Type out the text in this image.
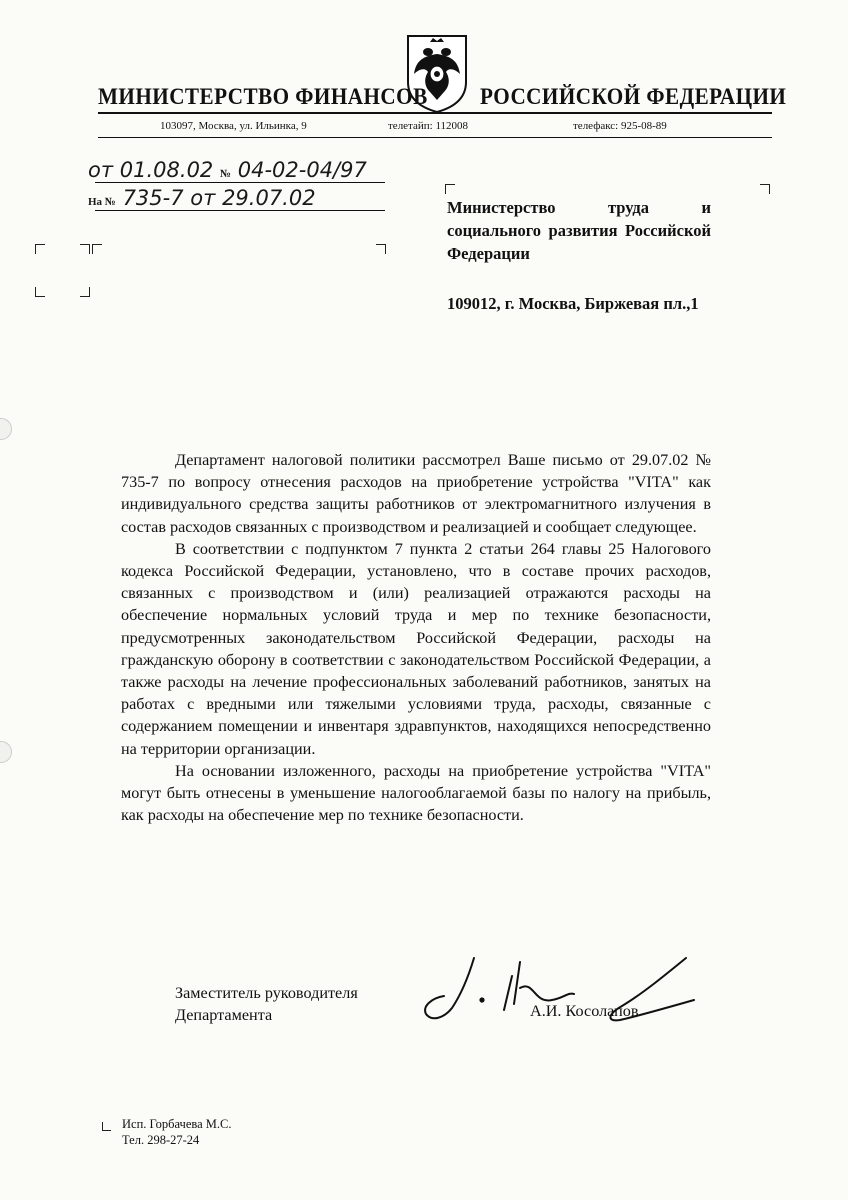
МИНИСТЕРСТВО ФИНАНСОВ РОССИЙСКОЙ ФЕДЕРАЦИИ
103097, Москва, ул. Ильинка, 9	телетайп: 112008	телефакс: 925-08-89
от 01.08.02 № 04-02-04/97
На № 735-7 от 29.07.02	Министерство труда и социального развития Российской Федерации
109012, г. Москва, Биржевая пл.,1

Департамент налоговой политики рассмотрел Ваше письмо от 29.07.02 № 735-7 по вопросу отнесения расходов на приобретение устройства "VITA" как индивидуального средства защиты работников от электромагнитного излучения в состав расходов связанных с производством и реализацией и сообщает следующее.

В соответствии с подпунктом 7 пункта 2 статьи 264 главы 25 Налогового кодекса Российской Федерации, установлено, что в составе прочих расходов, связанных с производством и (или) реализацией отражаются расходы на обеспечение нормальных условий труда и мер по технике безопасности, предусмотренных законодательством Российской Федерации, расходы на гражданскую оборону в соответствии с законодательством Российской Федерации, а также расходы на лечение профессиональных заболеваний работников, занятых на работах с вредными или тяжелыми условиями труда, расходы, связанные с содержанием помещении и инвентаря здравпунктов, находящихся непосредственно на территории организации.

На основании изложенного, расходы на приобретение устройства "VITA" могут быть отнесены в уменьшение налогооблагаемой базы по налогу на прибыль, как расходы на обеспечение мер по технике безопасности.

Заместитель руководителя
Департамента	А.И. Косолапов
Исп. Горбачева М.С.
Тел. 298-27-24
